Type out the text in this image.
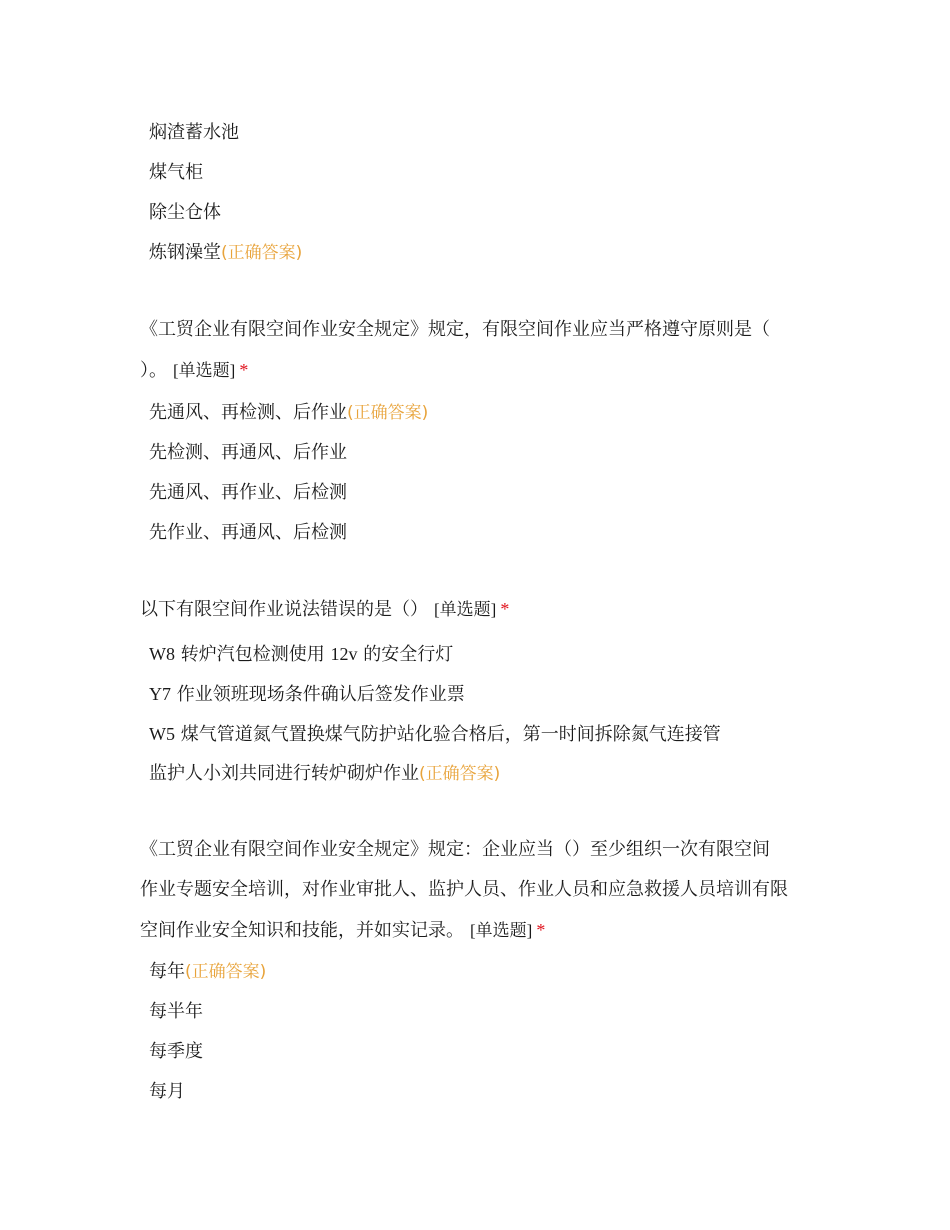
焖渣蓄水池
煤气柜
除尘仓体
炼钢澡堂(正确答案)
《工贸企业有限空间作业安全规定》规定，有限空间作业应当严格遵守原则是（
）。 [单选题] *
先通风、再检测、后作业(正确答案)
先检测、再通风、后作业
先通风、再作业、后检测
先作业、再通风、后检测
以下有限空间作业说法错误的是（） [单选题] *
W8 转炉汽包检测使用 12v 的安全行灯
Y7 作业领班现场条件确认后签发作业票
W5 煤气管道氮气置换煤气防护站化验合格后，第一时间拆除氮气连接管
监护人小刘共同进行转炉砌炉作业(正确答案)
《工贸企业有限空间作业安全规定》规定：企业应当（）至少组织一次有限空间
作业专题安全培训，对作业审批人、监护人员、作业人员和应急救援人员培训有限
空间作业安全知识和技能，并如实记录。 [单选题] *
每年(正确答案)
每半年
每季度
每月
